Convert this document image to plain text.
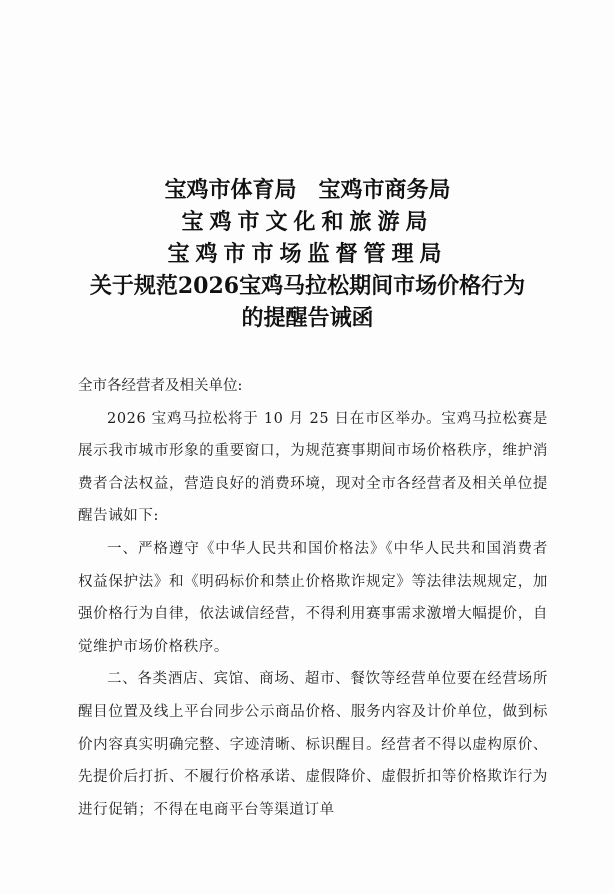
宝鸡市体育局　宝鸡市商务局
宝鸡市文化和旅游局
宝鸡市市场监督管理局
关于规范2026宝鸡马拉松期间市场价格行为
的提醒告诫函
全市各经营者及相关单位:

2026 宝鸡马拉松将于 10 月 25 日在市区举办。宝鸡马拉松赛是展示我市城市形象的重要窗口，为规范赛事期间市场价格秩序，维护消费者合法权益，营造良好的消费环境，现对全市各经营者及相关单位提醒告诫如下:

一、严格遵守《中华人民共和国价格法》《中华人民共和国消费者权益保护法》和《明码标价和禁止价格欺诈规定》等法律法规规定，加强价格行为自律，依法诚信经营，不得利用赛事需求激增大幅提价，自觉维护市场价格秩序。

二、各类酒店、宾馆、商场、超市、餐饮等经营单位要在经营场所醒目位置及线上平台同步公示商品价格、服务内容及计价单位，做到标价内容真实明确完整、字迹清晰、标识醒目。经营者不得以虚构原价、先提价后打折、不履行价格承诺、虚假降价、虚假折扣等价格欺诈行为进行促销；不得在电商平台等渠道订单
